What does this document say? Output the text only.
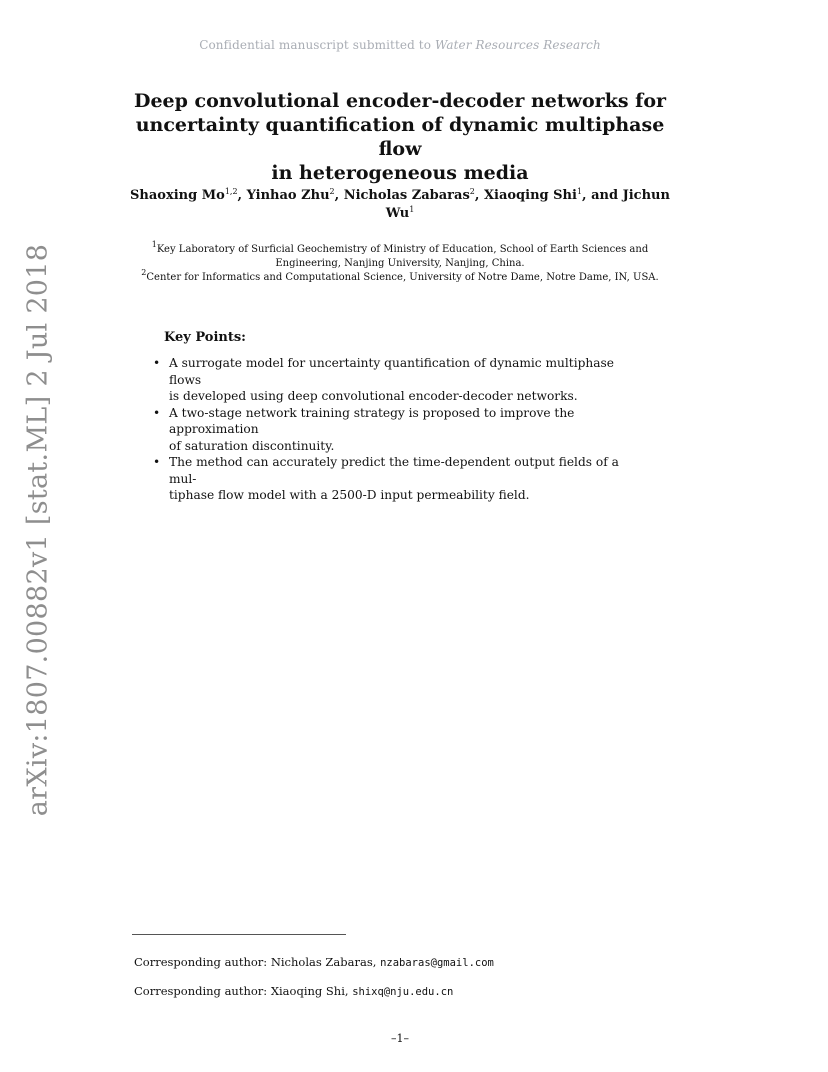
Confidential manuscript submitted to Water Resources Research
Deep convolutional encoder-decoder networks for
uncertainty quantification of dynamic multiphase flow
in heterogeneous media
Shaoxing Mo$^{1,2}$, Yinhao Zhu$^2$, Nicholas Zabaras$^2$, Xiaoqing Shi$^1$, and Jichun Wu$^1$
$^1$Key Laboratory of Surficial Geochemistry of Ministry of Education, School of Earth Sciences and
Engineering, Nanjing University, Nanjing, China.
$^2$Center for Informatics and Computational Science, University of Notre Dame, Notre Dame, IN, USA.
arXiv:1807.00882v1 [stat.ML] 2 Jul 2018	Key Points:
• A surrogate model for uncertainty quantification of dynamic multiphase flows
is developed using deep convolutional encoder-decoder networks.
• A two-stage network training strategy is proposed to improve the approximation
of saturation discontinuity.
• The method can accurately predict the time-dependent output fields of a mul-
tiphase flow model with a 2500-D input permeability field.
Corresponding author: Nicholas Zabaras, nzabaras@gmail.com
Corresponding author: Xiaoqing Shi, shixq@nju.edu.cn
–1–
